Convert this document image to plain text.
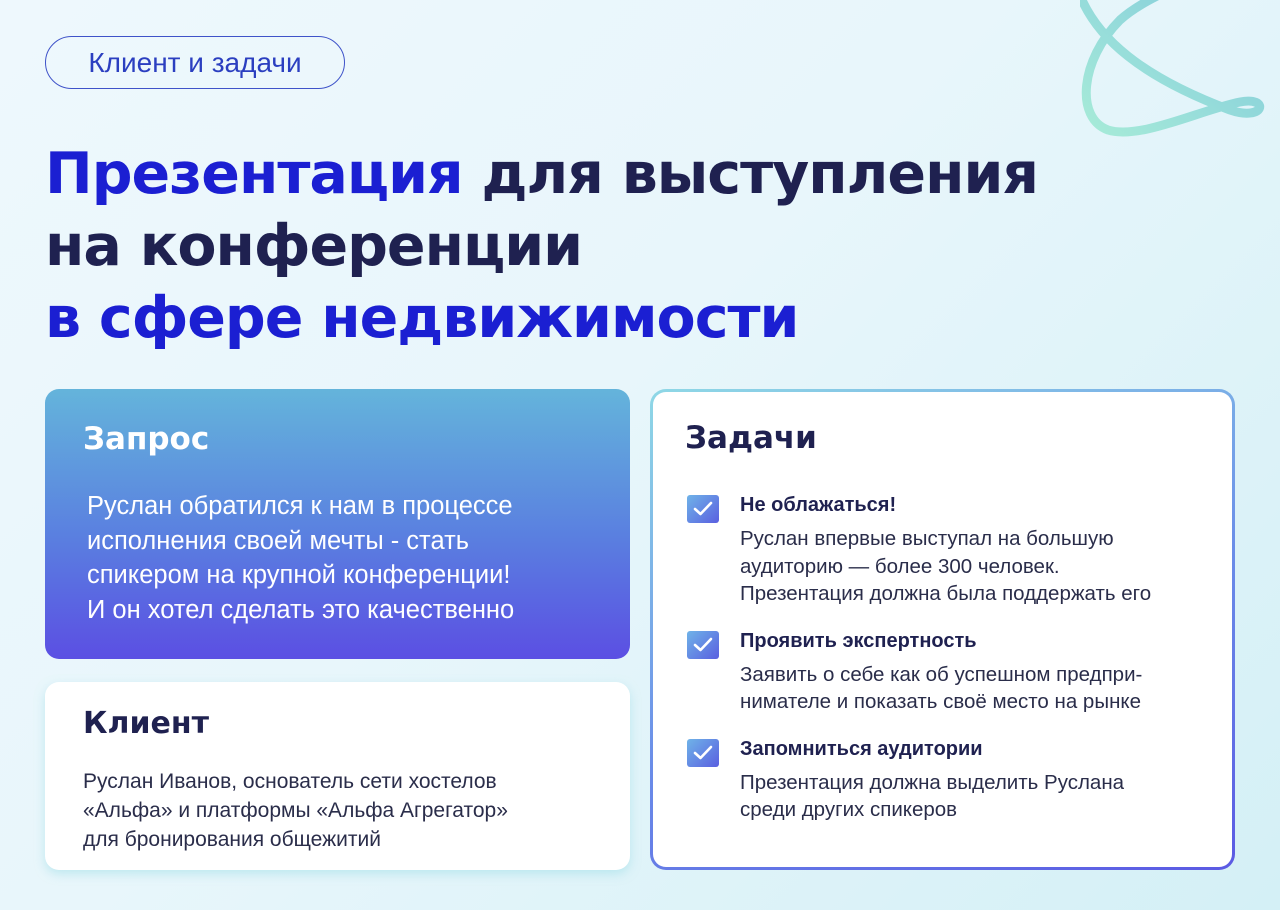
Клиент и задачи
Презентация для выступления
на конференции
в сфере недвижимости
Запрос

Руслан обратился к нам в процессе
исполнения своей мечты - стать
спикером на крупной конференции!
И он хотел сделать это качественно

Клиент

Руслан Иванов, основатель сети хостелов
«Альфа» и платформы «Альфа Агрегатор»
для бронирования общежитий

Задачи
Не облажаться!
Руслан впервые выступал на большую
аудиторию — более 300 человек.
Презентация должна была поддержать его
Проявить экспертность
Заявить о себе как об успешном предпри-
нимателе и показать своё место на рынке
Запомниться аудитории
Презентация должна выделить Руслана
среди других спикеров
